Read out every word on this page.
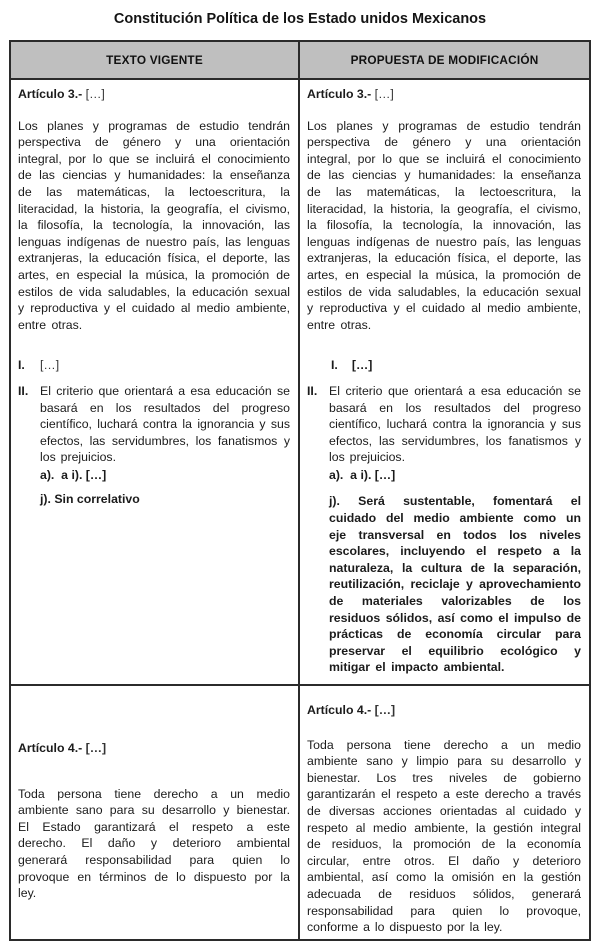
Constitución Política de los Estado unidos Mexicanos
TEXTO VIGENTE	PROPUESTA DE MODIFICACIÓN

Artículo 3.- […]

Los planes y programas de estudio tendrán perspectiva de género y una orientación integral, por lo que se incluirá el conocimiento de las ciencias y humanidades: la enseñanza de las matemáticas, la lectoescritura, la literacidad, la historia, la geografía, el civismo, la filosofía, la tecnología, la innovación, las lenguas indígenas de nuestro país, las lenguas extranjeras, la educación física, el deporte, las artes, en especial la música, la promoción de estilos de vida saludables, la educación sexual y reproductiva y el cuidado al medio ambiente, entre otras.

I.	[…]
II. El criterio que orientará a esa educación se basará en los resultados del progreso científico, luchará contra la ignorancia y sus efectos, las servidumbres, los fanatismos y los prejuicios.

a).  a i). […]

j). Sin correlativo

Artículo 3.- […]

Los planes y programas de estudio tendrán perspectiva de género y una orientación integral, por lo que se incluirá el conocimiento de las ciencias y humanidades: la enseñanza de las matemáticas, la lectoescritura, la literacidad, la historia, la geografía, el civismo, la filosofía, la tecnología, la innovación, las lenguas indígenas de nuestro país, las lenguas extranjeras, la educación física, el deporte, las artes, en especial la música, la promoción de estilos de vida saludables, la educación sexual y reproductiva y el cuidado al medio ambiente, entre otras.

I. […]

II. El criterio que orientará a esa educación se basará en los resultados del progreso científico, luchará contra la ignorancia y sus efectos, las servidumbres, los fanatismos y los prejuicios.

a).  a i). […]

j). Será sustentable, fomentará el cuidado del medio ambiente como un eje transversal en todos los niveles escolares, incluyendo el respeto a la naturaleza, la cultura de la separación, reutilización, reciclaje y aprovechamiento de materiales valorizables de los residuos sólidos, así como el impulso de prácticas de economía circular para preservar el equilibrio ecológico y mitigar el impacto ambiental.

Artículo 4.- […]

Toda persona tiene derecho a un medio ambiente sano para su desarrollo y bienestar. El Estado garantizará el respeto a este derecho. El daño y deterioro ambiental generará responsabilidad para quien lo provoque en términos de lo dispuesto por la ley.

Artículo 4.- […]

Toda persona tiene derecho a un medio ambiente sano y limpio para su desarrollo y bienestar. Los tres niveles de gobierno garantizarán el respeto a este derecho a través de diversas acciones orientadas al cuidado y respeto al medio ambiente, la gestión integral de residuos, la promoción de la economía circular, entre otros. El daño y deterioro ambiental, así como la omisión en la gestión adecuada de residuos sólidos, generará responsabilidad para quien lo provoque, conforme a lo dispuesto por la ley.
